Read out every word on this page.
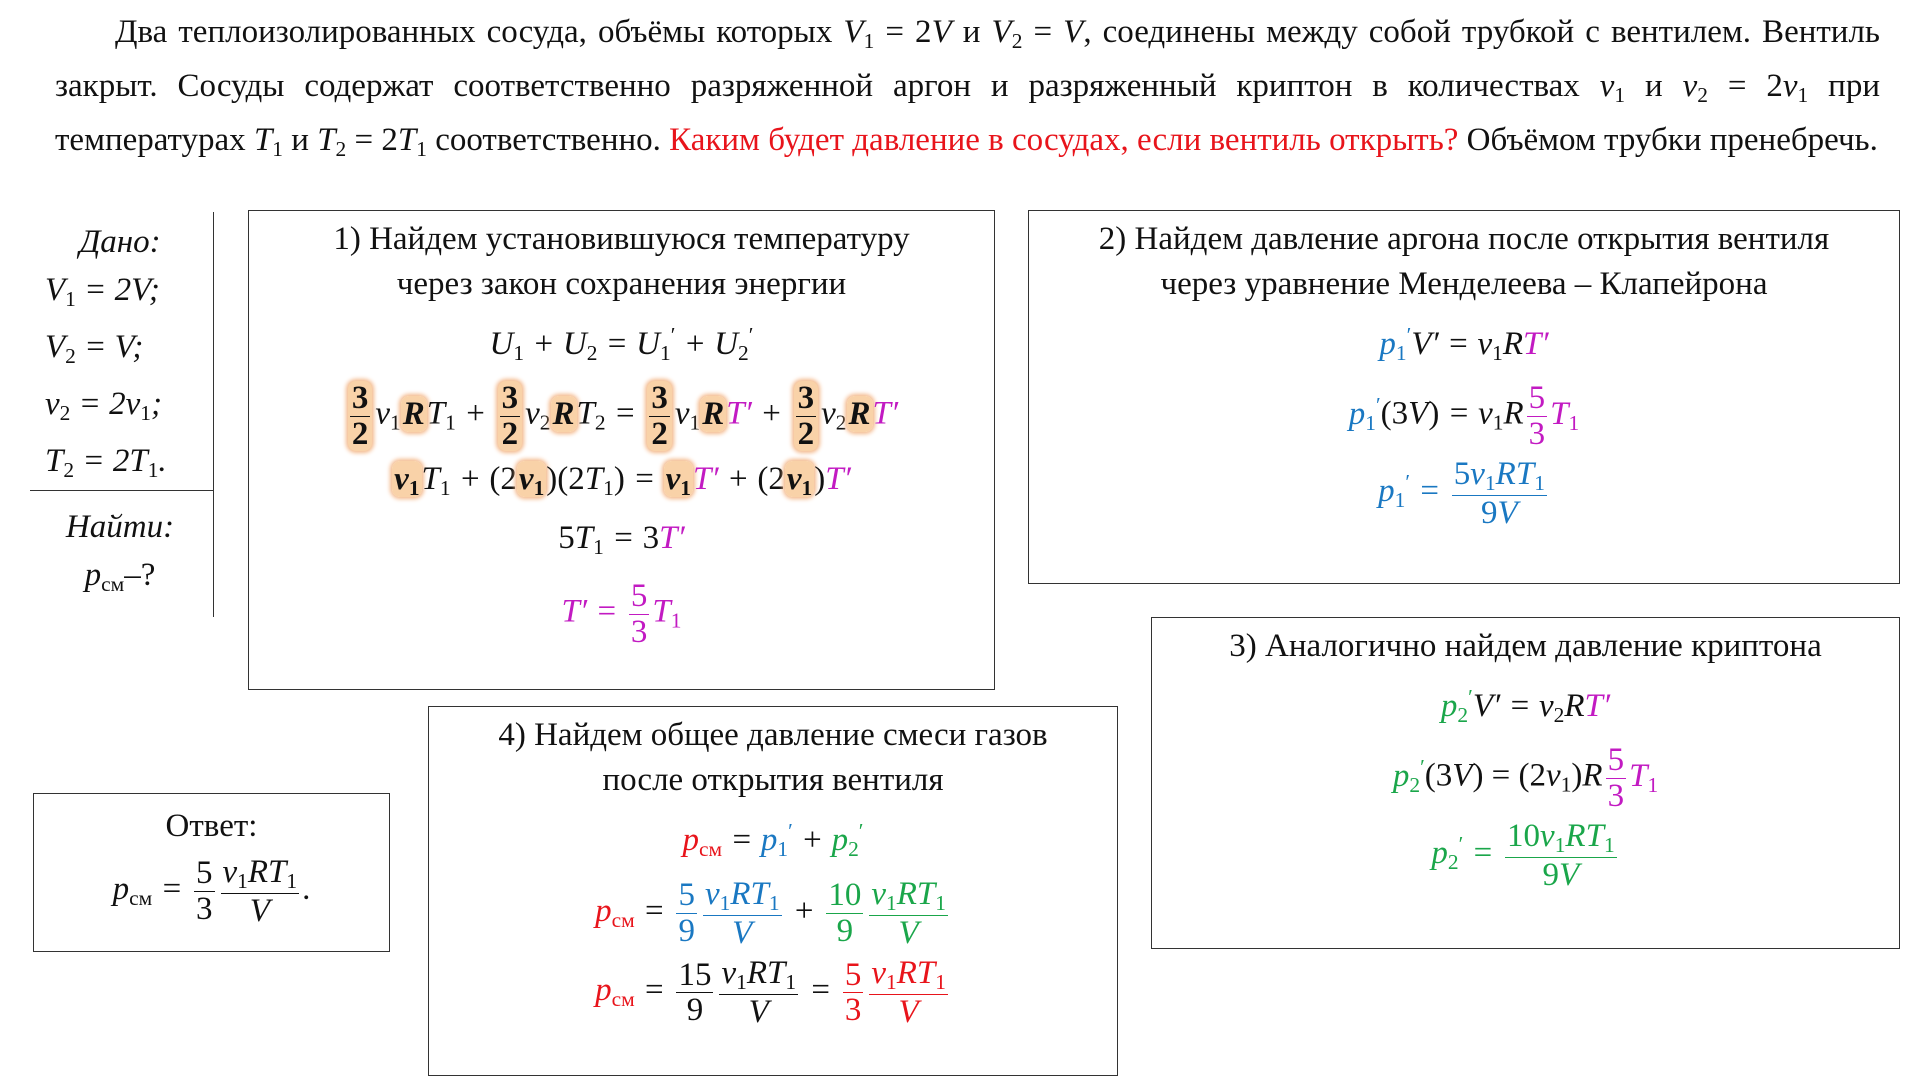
Два теплоизолированных сосуда, объёмы которых $V_1 = 2V$ и $V_2 = V$, соединены между собой трубкой с вентилем. Вентиль закрыт. Сосуды содержат соответственно разряженной аргон и разряженный криптон в количествах $\nu_1$ и $\nu_2 = 2\nu_1$ при температурах $T_1$ и $T_2 = 2T_1$ соответственно. Каким будет давление в сосудах, если вентиль открыть? Объёмом трубки пренебречь.
Дано:
$V_1 = 2V$;
$V_2 = V$;
$\nu_2 = 2\nu_1$;
$T_2 = 2T_1$.
Найти:
$p_{см}-$?
1) Найдем установившуюся температуру
через закон сохранения энергии
$U_1 + U_2 = U_1' + U_2'$
$\frac{3}{2} \nu_1RT_1 + \frac{3}{2} \nu_2RT_2 = \frac{3}{2} \nu_1RT' + \frac{3}{2} \nu_2RT'$
$\nu_1T_1 + (2\nu_1)(2T_1) = \nu_1T' + (2\nu_1)T'$
$5T_1 = 3T'$
$T' = \frac{5}{3} T_1$
2) Найдем давление аргона после открытия вентиля
через уравнение Менделеева – Клапейрона
$p_1'V' = \nu_1RT'$
$p_1'(3V) = \nu_1R \frac{5}{3} T_1$
$p_1' = \frac{5\nu_1RT_1}{9V}$
3) Аналогично найдем давление криптона
$p_2'V' = \nu_2RT'$
$p_2'(3V) = (2\nu_1)R \frac{5}{3} T_1$
$p_2' = \frac{10\nu_1RT_1}{9V}$
4) Найдем общее давление смеси газов
после открытия вентиля
$p_{см} = p_1' + p_2'$
$p_{см} = \frac{5}{9} \frac{\nu_1RT_1}{V} + \frac{10}{9} \frac{\nu_1RT_1}{V}$
$p_{см} = \frac{15}{9} \frac{\nu_1RT_1}{V} = \frac{5}{3} \frac{\nu_1RT_1}{V}$
Ответ:
$p_{см} = \frac{5}{3} \frac{\nu_1RT_1}{V}$ .
